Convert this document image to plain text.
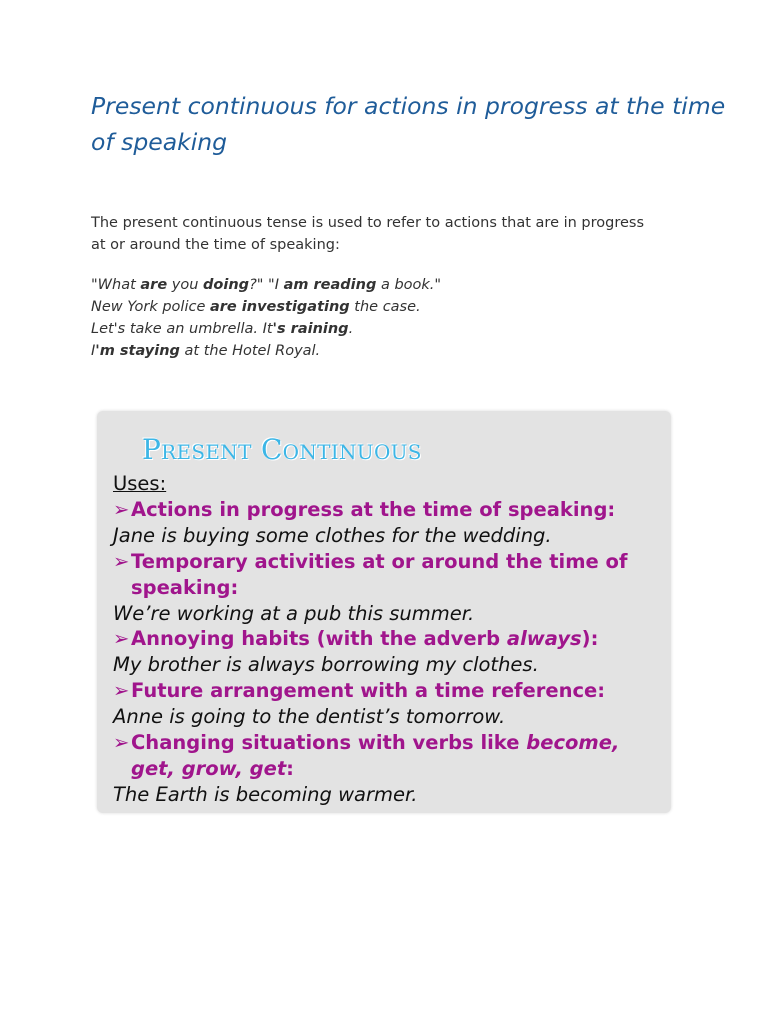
Present continuous for actions in progress at the time of speaking

The present continuous tense is used to refer to actions that are in progress at or around the time of speaking:

"What are you doing?" "I am reading a book."
New York police are investigating the case.
Let's take an umbrella. It's raining.
I'm staying at the Hotel Royal.
Present Continuous
Uses:
➢Actions in progress at the time of speaking:
Jane is buying some clothes for the wedding.
➢Temporary activities at or around the time of speaking:
We’re working at a pub this summer.
➢Annoying habits (with the adverb always):
My brother is always borrowing my clothes.
➢Future arrangement with a time reference:
Anne is going to the dentist’s tomorrow.
➢Changing situations with verbs like become, get, grow, get:
The Earth is becoming warmer.
